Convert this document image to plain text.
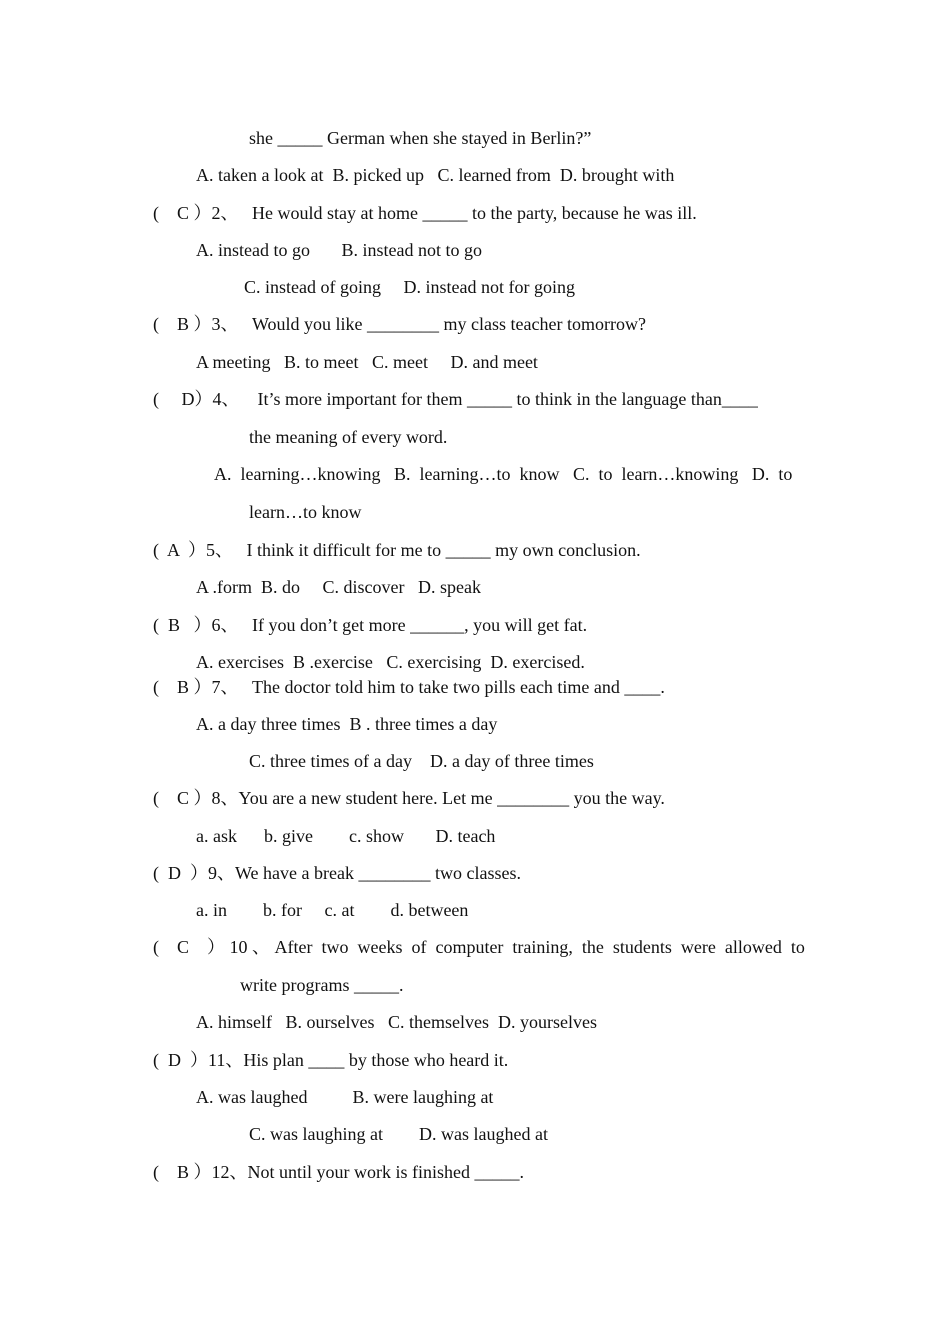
she _____ German when she stayed in Berlin?”
A. taken a look at  B. picked up   C. learned from  D. brought with
(    C ）2、   He would stay at home _____ to the party, because he was ill.
A. instead to go       B. instead not to go
C. instead of going     D. instead not for going
(    B ）3、   Would you like ________ my class teacher tomorrow?
A meeting   B. to meet   C. meet     D. and meet
(     D）4、    It’s more important for them _____ to think in the language than____
the meaning of every word.
A.  learning…knowing   B.  learning…to  know   C.  to  learn…knowing   D.  to
learn…to know
(  A  ）5、   I think it difficult for me to _____ my own conclusion.
A .form  B. do     C. discover   D. speak
(  B   ）6、   If you don’t get more ______, you will get fat.
A. exercises  B .exercise   C. exercising  D. exercised.
(    B ）7、   The doctor told him to take two pills each time and ____.
A. a day three times  B . three times a day
C. three times of a day    D. a day of three times
(    C ）8、You are a new student here. Let me ________ you the way.
a. ask      b. give        c. show       D. teach
(  D  ）9、We have a break ________ two classes.
a. in        b. for     c. at        d. between
(    C    ） 10 、 After  two  weeks  of  computer  training,  the  students  were  allowed  to
write programs _____.
A. himself   B. ourselves   C. themselves  D. yourselves
(  D  ）11、His plan ____ by those who heard it.
A. was laughed          B. were laughing at
C. was laughing at        D. was laughed at
(    B ）12、Not until your work is finished _____.
